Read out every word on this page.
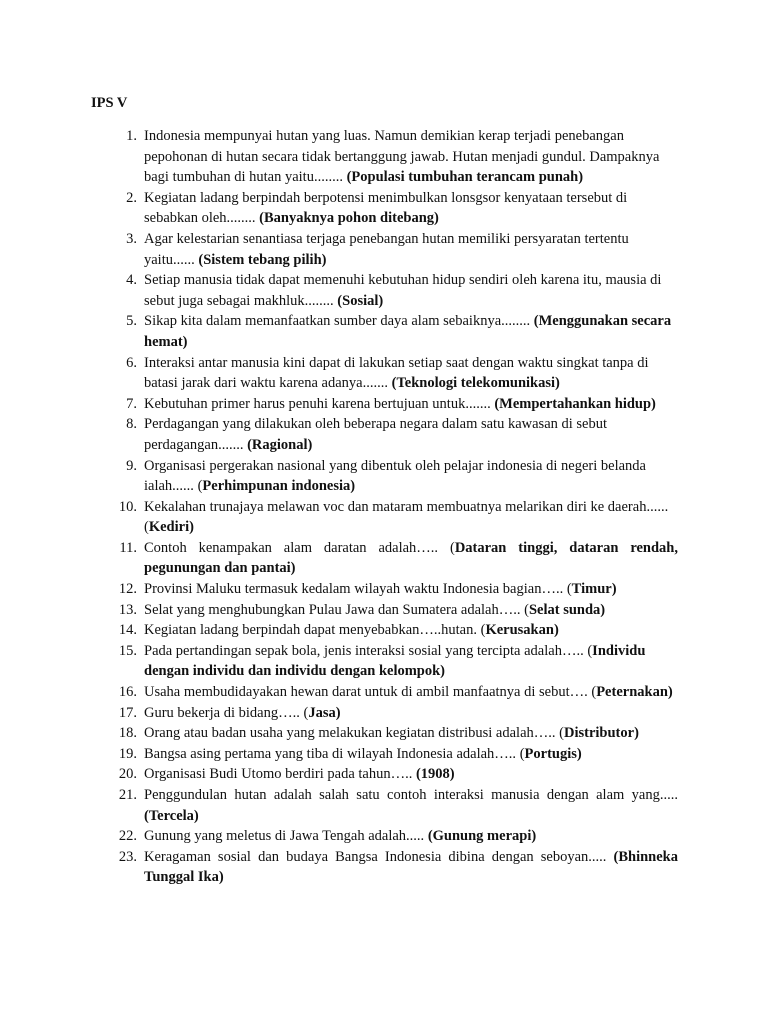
IPS V
1. Indonesia mempunyai hutan yang luas. Namun demikian kerap terjadi penebangan pepohonan di hutan secara tidak bertanggung jawab. Hutan menjadi gundul. Dampaknya bagi tumbuhan di hutan yaitu........ (Populasi tumbuhan terancam punah)
2. Kegiatan ladang berpindah berpotensi menimbulkan lonsgsor kenyataan tersebut di sebabkan oleh........ (Banyaknya pohon ditebang)
3. Agar kelestarian senantiasa terjaga penebangan hutan memiliki persyaratan tertentu yaitu...... (Sistem tebang pilih)
4. Setiap manusia tidak dapat memenuhi kebutuhan hidup sendiri oleh karena itu, mausia di sebut juga sebagai makhluk........ (Sosial)
5. Sikap kita dalam memanfaatkan sumber daya alam sebaiknya........ (Menggunakan secara hemat)
6. Interaksi antar manusia kini dapat di lakukan setiap saat dengan waktu singkat tanpa di batasi jarak dari waktu karena adanya....... (Teknologi telekomunikasi)
7. Kebutuhan primer harus penuhi karena bertujuan untuk....... (Mempertahankan hidup)
8. Perdagangan yang dilakukan oleh beberapa negara dalam satu kawasan di sebut perdagangan....... (Ragional)
9. Organisasi pergerakan nasional yang dibentuk oleh pelajar indonesia di negeri belanda ialah...... (Perhimpunan indonesia)
10. Kekalahan trunajaya melawan voc dan mataram membuatnya melarikan diri ke daerah...... (Kediri)
11. Contoh kenampakan alam daratan adalah….. (Dataran tinggi, dataran rendah, pegunungan dan pantai)
12. Provinsi Maluku termasuk kedalam wilayah waktu Indonesia bagian….. (Timur)
13. Selat yang menghubungkan Pulau Jawa dan Sumatera adalah….. (Selat sunda)
14. Kegiatan ladang berpindah dapat menyebabkan…..hutan. (Kerusakan)
15. Pada pertandingan sepak bola, jenis interaksi sosial yang tercipta adalah….. (Individu dengan individu dan individu dengan kelompok)
16. Usaha membudidayakan hewan darat untuk di ambil manfaatnya di sebut…. (Peternakan)
17. Guru bekerja di bidang….. (Jasa)
18. Orang atau badan usaha yang melakukan kegiatan distribusi adalah….. (Distributor)
19. Bangsa asing pertama yang tiba di wilayah Indonesia adalah….. (Portugis)
20. Organisasi Budi Utomo berdiri pada tahun….. (1908)
21. Penggundulan hutan adalah salah satu contoh interaksi manusia dengan alam yang..... (Tercela)
22. Gunung yang meletus di Jawa Tengah adalah..... (Gunung merapi)
23. Keragaman sosial dan budaya Bangsa Indonesia dibina dengan seboyan..... (Bhinneka Tunggal Ika)
